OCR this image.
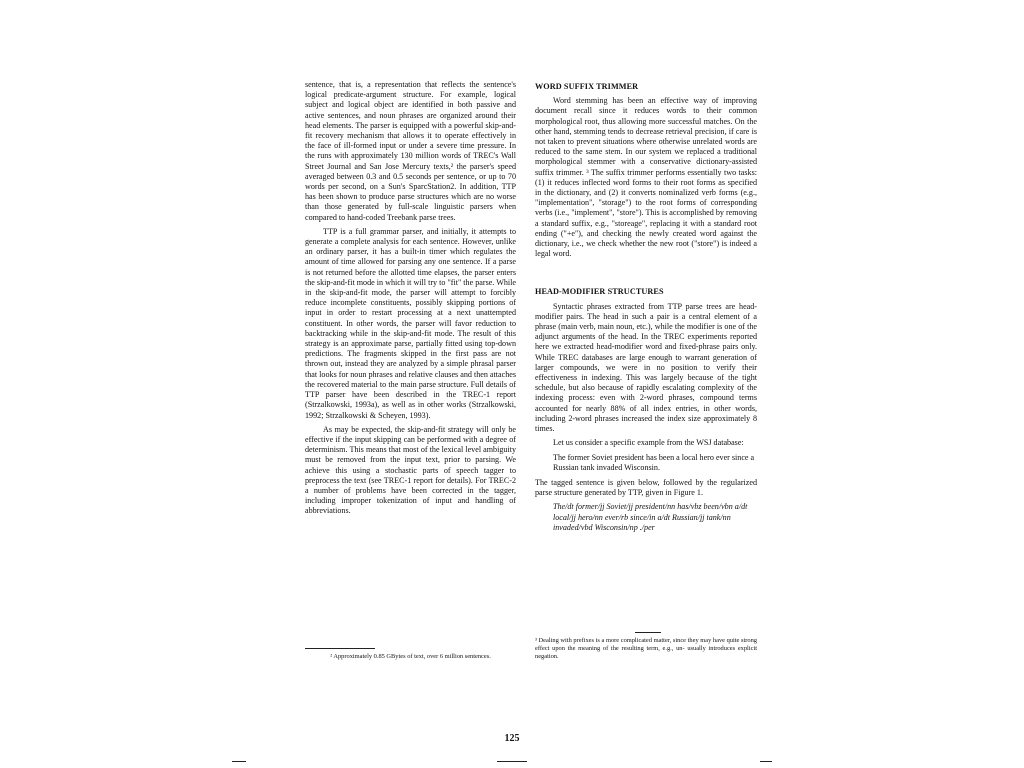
sentence, that is, a representation that reflects the sentence's logical predicate-argument structure. For example, logical subject and logical object are identified in both passive and active sentences, and noun phrases are organized around their head elements. The parser is equipped with a powerful skip-and-fit recovery mechanism that allows it to operate effectively in the face of ill-formed input or under a severe time pressure. In the runs with approximately 130 million words of TREC's Wall Street Journal and San Jose Mercury texts,² the parser's speed averaged between 0.3 and 0.5 seconds per sentence, or up to 70 words per second, on a Sun's SparcStation2. In addition, TTP has been shown to produce parse structures which are no worse than those generated by full-scale linguistic parsers when compared to hand-coded Treebank parse trees.

TTP is a full grammar parser, and initially, it attempts to generate a complete analysis for each sentence. However, unlike an ordinary parser, it has a built-in timer which regulates the amount of time allowed for parsing any one sentence. If a parse is not returned before the allotted time elapses, the parser enters the skip-and-fit mode in which it will try to "fit" the parse. While in the skip-and-fit mode, the parser will attempt to forcibly reduce incomplete constituents, possibly skipping portions of input in order to restart processing at a next unattempted constituent. In other words, the parser will favor reduction to backtracking while in the skip-and-fit mode. The result of this strategy is an approximate parse, partially fitted using top-down predictions. The fragments skipped in the first pass are not thrown out, instead they are analyzed by a simple phrasal parser that looks for noun phrases and relative clauses and then attaches the recovered material to the main parse structure. Full details of TTP parser have been described in the TREC-1 report (Strzalkowski, 1993a), as well as in other works (Strzalkowski, 1992; Strzalkowski & Scheyen, 1993).

As may be expected, the skip-and-fit strategy will only be effective if the input skipping can be performed with a degree of determinism. This means that most of the lexical level ambiguity must be removed from the input text, prior to parsing. We achieve this using a stochastic parts of speech tagger to preprocess the text (see TREC-1 report for details). For TREC-2 a number of problems have been corrected in the tagger, including improper tokenization of input and handling of abbreviations.

WORD SUFFIX TRIMMER

Word stemming has been an effective way of improving document recall since it reduces words to their common morphological root, thus allowing more successful matches. On the other hand, stemming tends to decrease retrieval precision, if care is not taken to prevent situations where otherwise unrelated words are reduced to the same stem. In our system we replaced a traditional morphological stemmer with a conservative dictionary-assisted suffix trimmer. ³ The suffix trimmer performs essentially two tasks: (1) it reduces inflected word forms to their root forms as specified in the dictionary, and (2) it converts nominalized verb forms (e.g., "implementation", "storage") to the root forms of corresponding verbs (i.e., "implement", "store"). This is accomplished by removing a standard suffix, e.g., "storeage", replacing it with a standard root ending ("+e"), and checking the newly created word against the dictionary, i.e., we check whether the new root ("store") is indeed a legal word.

HEAD-MODIFIER STRUCTURES

Syntactic phrases extracted from TTP parse trees are head-modifier pairs. The head in such a pair is a central element of a phrase (main verb, main noun, etc.), while the modifier is one of the adjunct arguments of the head. In the TREC experiments reported here we extracted head-modifier word and fixed-phrase pairs only. While TREC databases are large enough to warrant generation of larger compounds, we were in no position to verify their effectiveness in indexing. This was largely because of the tight schedule, but also because of rapidly escalating complexity of the indexing process: even with 2-word phrases, compound terms accounted for nearly 88% of all index entries, in other words, including 2-word phrases increased the index size approximately 8 times.

Let us consider a specific example from the WSJ database:

The former Soviet president has been a local hero ever since a Russian tank invaded Wisconsin.

The tagged sentence is given below, followed by the regularized parse structure generated by TTP, given in Figure 1.

The/dt former/jj Soviet/jj president/nn has/vbz been/vbn a/dt local/jj hero/nn ever/rb since/in a/dt Russian/jj tank/nn invaded/vbd Wisconsin/np ./per

² Approximately 0.85 GBytes of text, over 6 million sentences.

³ Dealing with prefixes is a more complicated matter, since they may have quite strong effect upon the meaning of the resulting term, e.g., un- usually introduces explicit negation.

125
